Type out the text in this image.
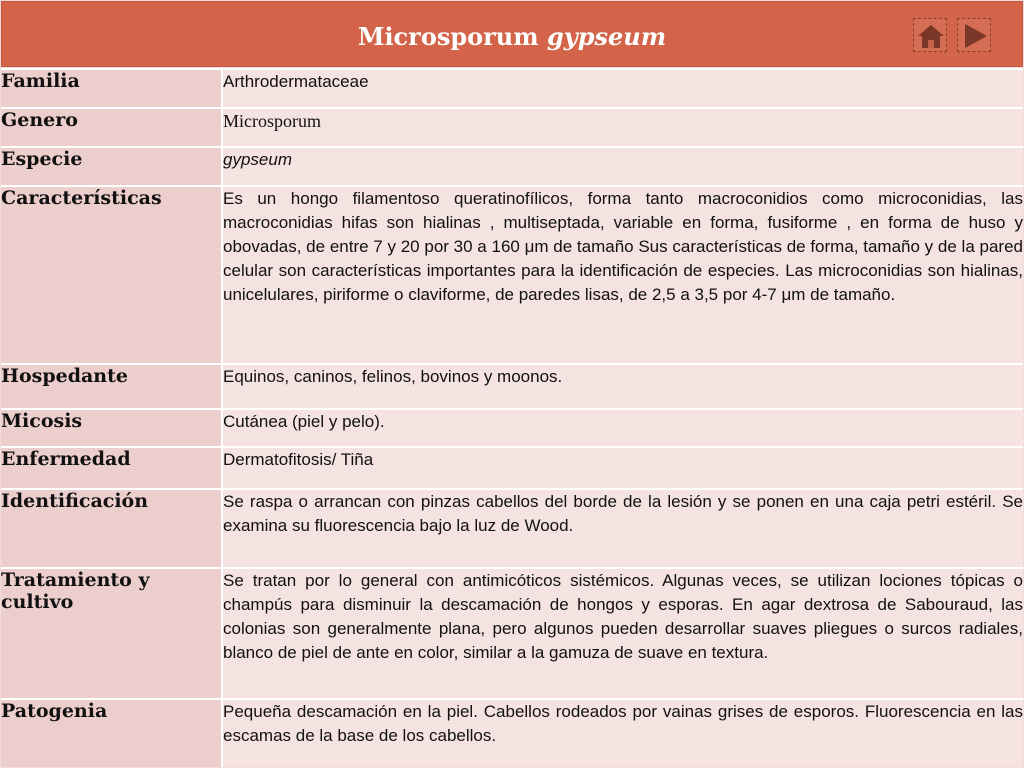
Microsporum gypseum
Familia	Arthrodermataceae
Genero	Microsporum
Especie	gypseum
Características	Es un hongo filamentoso queratinofílicos, forma tanto macroconidios como microconidias, las macroconidias hifas son hialinas , multiseptada, variable en forma, fusiforme , en forma de huso y obovadas, de entre 7 y 20 por 30 a 160 μm de tamaño Sus características de forma, tamaño y de la pared celular son características importantes para la identificación de especies. Las microconidias son hialinas, unicelulares, piriforme o claviforme, de paredes lisas, de 2,5 a 3,5 por 4-7 μm de tamaño.
Hospedante	Equinos, caninos, felinos, bovinos y moonos.
Micosis	Cutánea (piel y pelo).
Enfermedad	Dermatofitosis/ Tiña
Identificación	Se raspa o arrancan con pinzas cabellos del borde de la lesión y se ponen en una caja petri estéril. Se examina su fluorescencia bajo la luz de Wood.
Tratamiento y cultivo	Se tratan por lo general con antimicóticos sistémicos. Algunas veces, se utilizan lociones tópicas o champús para disminuir la descamación de hongos y esporas. En agar dextrosa de Sabouraud, las colonias son generalmente plana, pero algunos pueden desarrollar suaves pliegues o surcos radiales, blanco de piel de ante en color, similar a la gamuza de suave en textura.
Patogenia	Pequeña descamación en la piel. Cabellos rodeados por vainas grises de esporos. Fluorescencia en las escamas de la base de los cabellos.
